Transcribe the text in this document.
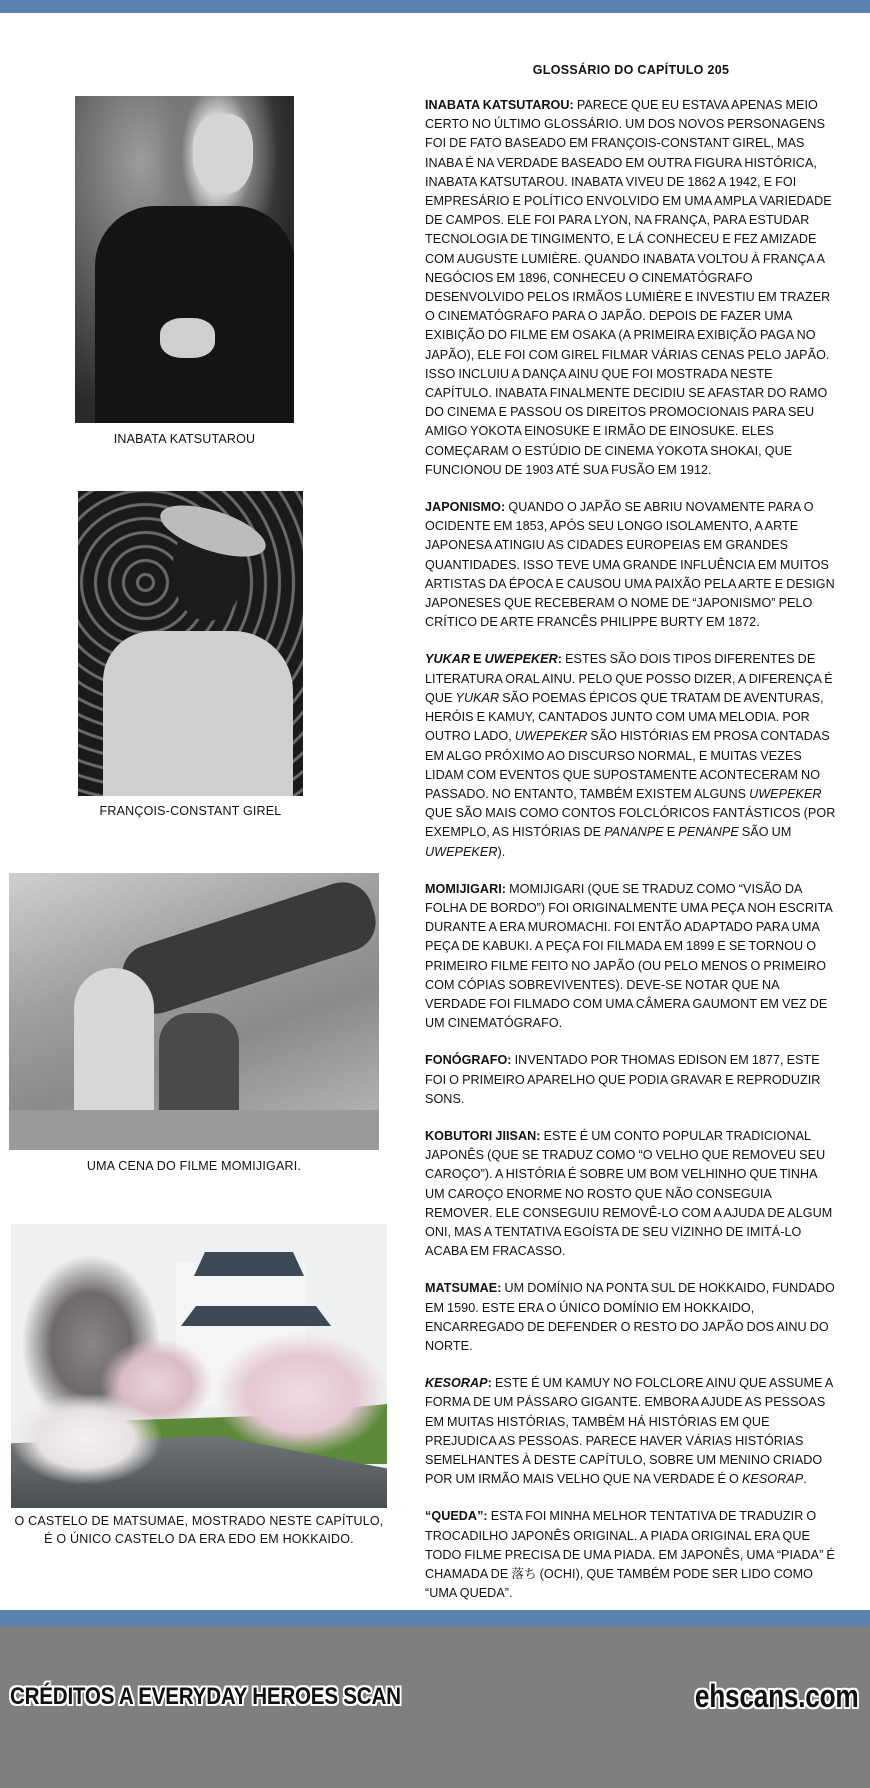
INABATA KATSUTAROU
FRANÇOIS-CONSTANT GIREL
UMA CENA DO FILME MOMIJIGARI.
O CASTELO DE MATSUMAE, MOSTRADO NESTE CAPÍTULO,
É O ÚNICO CASTELO DA ERA EDO EM HOKKAIDO.
GLOSSÁRIO DO CAPÍTULO 205

INABATA KATSUTAROU: PARECE QUE EU ESTAVA APENAS MEIO CERTO NO ÚLTIMO GLOSSÁRIO. UM DOS NOVOS PERSONAGENS FOI DE FATO BASEADO EM FRANÇOIS-CONSTANT GIREL, MAS INABA É NA VERDADE BASEADO EM OUTRA FIGURA HISTÓRICA, INABATA KATSUTAROU. INABATA VIVEU DE 1862 A 1942, E FOI EMPRESÁRIO E POLÍTICO ENVOLVIDO EM UMA AMPLA VARIEDADE DE CAMPOS. ELE FOI PARA LYON, NA FRANÇA, PARA ESTUDAR TECNOLOGIA DE TINGIMENTO, E LÁ CONHECEU E FEZ AMIZADE COM AUGUSTE LUMIÈRE. QUANDO INABATA VOLTOU À FRANÇA A NEGÓCIOS EM 1896, CONHECEU O CINEMATÓGRAFO DESENVOLVIDO PELOS IRMÃOS LUMIÈRE E INVESTIU EM TRAZER O CINEMATÓGRAFO PARA O JAPÃO. DEPOIS DE FAZER UMA EXIBIÇÃO DO FILME EM OSAKA (A PRIMEIRA EXIBIÇÃO PAGA NO JAPÃO), ELE FOI COM GIREL FILMAR VÁRIAS CENAS PELO JAPÃO. ISSO INCLUIU A DANÇA AINU QUE FOI MOSTRADA NESTE CAPÍTULO. INABATA FINALMENTE DECIDIU SE AFASTAR DO RAMO DO CINEMA E PASSOU OS DIREITOS PROMOCIONAIS PARA SEU AMIGO YOKOTA EINOSUKE E IRMÃO DE EINOSUKE. ELES COMEÇARAM O ESTÚDIO DE CINEMA YOKOTA SHOKAI, QUE FUNCIONOU DE 1903 ATÉ SUA FUSÃO EM 1912.

JAPONISMO: QUANDO O JAPÃO SE ABRIU NOVAMENTE PARA O OCIDENTE EM 1853, APÓS SEU LONGO ISOLAMENTO, A ARTE JAPONESA ATINGIU AS CIDADES EUROPEIAS EM GRANDES QUANTIDADES. ISSO TEVE UMA GRANDE INFLUÊNCIA EM MUITOS ARTISTAS DA ÉPOCA E CAUSOU UMA PAIXÃO PELA ARTE E DESIGN JAPONESES QUE RECEBERAM O NOME DE “JAPONISMO” PELO CRÍTICO DE ARTE FRANCÊS PHILIPPE BURTY EM 1872.

YUKAR E UWEPEKER: ESTES SÃO DOIS TIPOS DIFERENTES DE LITERATURA ORAL AINU. PELO QUE POSSO DIZER, A DIFERENÇA É QUE YUKAR SÃO POEMAS ÉPICOS QUE TRATAM DE AVENTURAS, HERÓIS E KAMUY, CANTADOS JUNTO COM UMA MELODIA. POR OUTRO LADO, UWEPEKER SÃO HISTÓRIAS EM PROSA CONTADAS EM ALGO PRÓXIMO AO DISCURSO NORMAL, E MUITAS VEZES LIDAM COM EVENTOS QUE SUPOSTAMENTE ACONTECERAM NO PASSADO. NO ENTANTO, TAMBÉM EXISTEM ALGUNS UWEPEKER QUE SÃO MAIS COMO CONTOS FOLCLÓRICOS FANTÁSTICOS (POR EXEMPLO, AS HISTÓRIAS DE PANANPE E PENANPE SÃO UM UWEPEKER).

MOMIJIGARI: MOMIJIGARI (QUE SE TRADUZ COMO “VISÃO DA FOLHA DE BORDO”) FOI ORIGINALMENTE UMA PEÇA NOH ESCRITA DURANTE A ERA MUROMACHI. FOI ENTÃO ADAPTADO PARA UMA PEÇA DE KABUKI. A PEÇA FOI FILMADA EM 1899 E SE TORNOU O PRIMEIRO FILME FEITO NO JAPÃO (OU PELO MENOS O PRIMEIRO COM CÓPIAS SOBREVIVENTES). DEVE-SE NOTAR QUE NA VERDADE FOI FILMADO COM UMA CÂMERA GAUMONT EM VEZ DE UM CINEMATÓGRAFO.

FONÓGRAFO: INVENTADO POR THOMAS EDISON EM 1877, ESTE FOI O PRIMEIRO APARELHO QUE PODIA GRAVAR E REPRODUZIR SONS.

KOBUTORI JIISAN: ESTE É UM CONTO POPULAR TRADICIONAL JAPONÊS (QUE SE TRADUZ COMO “O VELHO QUE REMOVEU SEU CAROÇO”). A HISTÓRIA É SOBRE UM BOM VELHINHO QUE TINHA UM CAROÇO ENORME NO ROSTO QUE NÃO CONSEGUIA REMOVER. ELE CONSEGUIU REMOVÊ-LO COM A AJUDA DE ALGUM ONI, MAS A TENTATIVA EGOÍSTA DE SEU VIZINHO DE IMITÁ-LO ACABA EM FRACASSO.

MATSUMAE: UM DOMÍNIO NA PONTA SUL DE HOKKAIDO, FUNDADO EM 1590. ESTE ERA O ÚNICO DOMÍNIO EM HOKKAIDO, ENCARREGADO DE DEFENDER O RESTO DO JAPÃO DOS AINU DO NORTE.

KESORAP: ESTE É UM KAMUY NO FOLCLORE AINU QUE ASSUME A FORMA DE UM PÁSSARO GIGANTE. EMBORA AJUDE AS PESSOAS EM MUITAS HISTÓRIAS, TAMBÉM HÁ HISTÓRIAS EM QUE PREJUDICA AS PESSOAS. PARECE HAVER VÁRIAS HISTÓRIAS SEMELHANTES À DESTE CAPÍTULO, SOBRE UM MENINO CRIADO POR UM IRMÃO MAIS VELHO QUE NA VERDADE É O KESORAP.

“QUEDA”: ESTA FOI MINHA MELHOR TENTATIVA DE TRADUZIR O TROCADILHO JAPONÊS ORIGINAL. A PIADA ORIGINAL ERA QUE TODO FILME PRECISA DE UMA PIADA. EM JAPONÊS, UMA “PIADA” É CHAMADA DE 落ち (OCHI), QUE TAMBÉM PODE SER LIDO COMO “UMA QUEDA”.

CRÉDITOS A EVERYDAY HEROES SCAN	ehscans.com
